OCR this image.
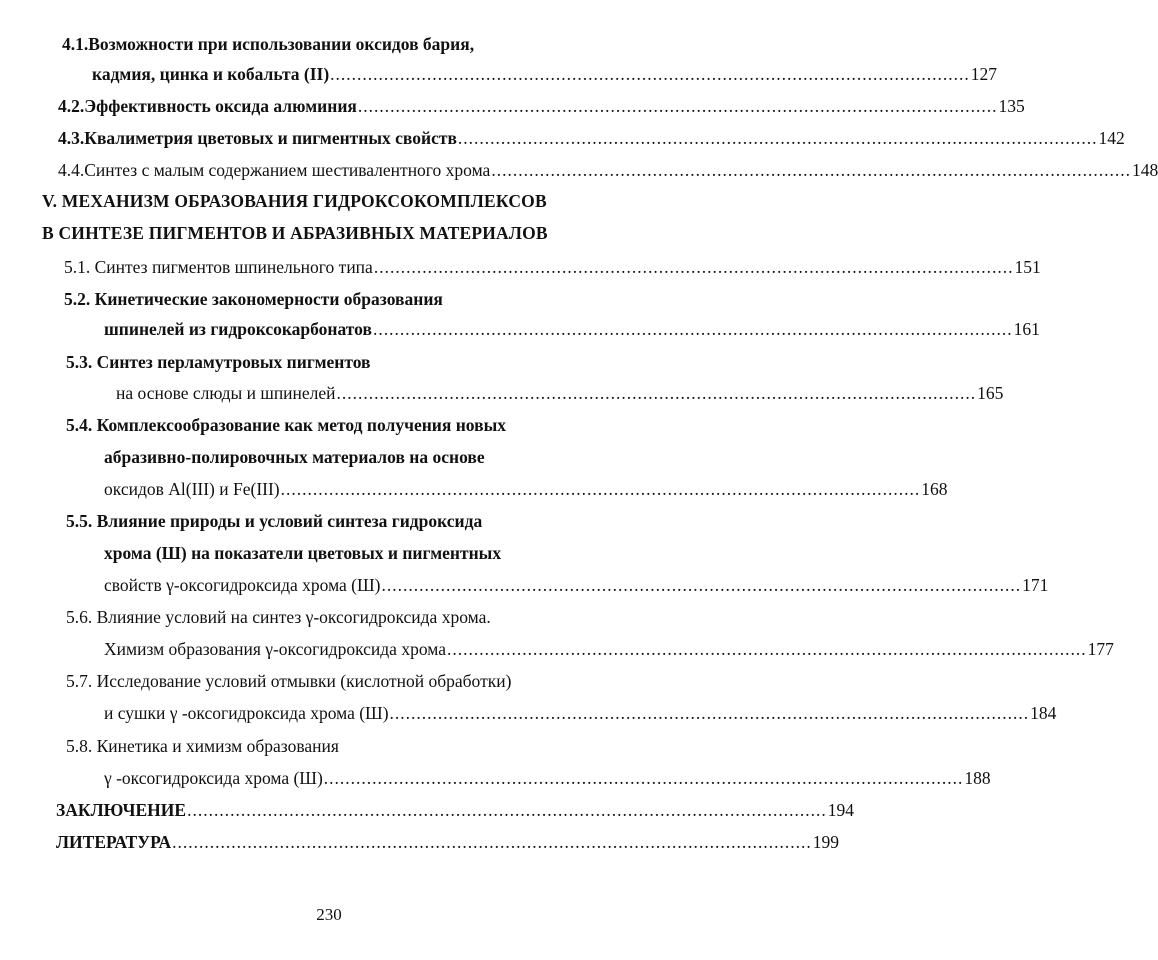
4.1.Возможности при использовании оксидов бария,
кадмия, цинка и кобальта (II) ....................................................................................................................... 127
4.2.Эффективность оксида алюминия ....................................................................................................................... 135
4.3.Квалиметрия цветовых и пигментных свойств ....................................................................................................................... 142
4.4.Синтез с малым содержанием шестивалентного хрома ....................................................................................................................... 148
V. МЕХАНИЗМ ОБРАЗОВАНИЯ ГИДРОКСОКОМПЛЕКСОВ
В СИНТЕЗЕ ПИГМЕНТОВ И АБРАЗИВНЫХ МАТЕРИАЛОВ
5.1. Синтез пигментов шпинельного типа ....................................................................................................................... 151
5.2. Кинетические закономерности образования
шпинелей из гидроксокарбонатов ....................................................................................................................... 161
5.3. Синтез перламутровых пигментов
на основе слюды и шпинелей ....................................................................................................................... 165
5.4. Комплексообразование как метод получения новых
абразивно-полировочных материалов на основе
оксидов Al(III) и Fe(III) ....................................................................................................................... 168
5.5. Влияние природы и условий синтеза гидроксида
хрома (Ш) на показатели цветовых и пигментных
свойств γ-оксогидроксида хрома (Ш) ....................................................................................................................... 171
5.6. Влияние условий на синтез γ-оксогидроксида хрома.
Химизм образования γ-оксогидроксида хрома ....................................................................................................................... 177
5.7. Исследование условий отмывки (кислотной обработки)
и сушки γ -оксогидроксида хрома (Ш) ....................................................................................................................... 184
5.8. Кинетика и химизм образования
γ -оксогидроксида хрома (Ш) ....................................................................................................................... 188
ЗАКЛЮЧЕНИЕ ....................................................................................................................... 194
ЛИТЕРАТУРА ....................................................................................................................... 199
230
